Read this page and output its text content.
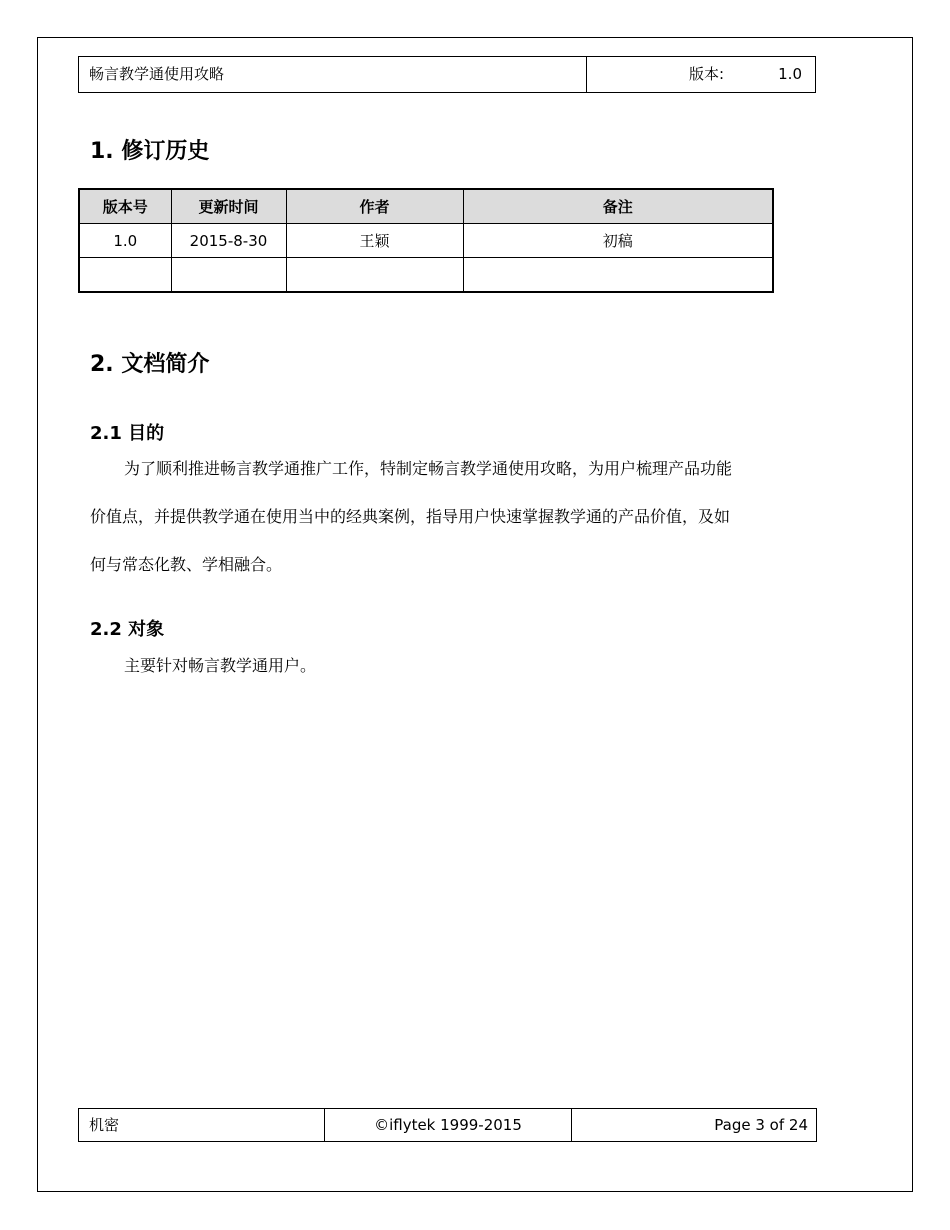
畅言教学通使用攻略	版本:	1.0
1. 修订历史
版本号	更新时间	作者	备注
1.0	2015-8-30	王颖	初稿

2. 文档简介
2.1 目的
为了顺利推进畅言教学通推广工作，特制定畅言教学通使用攻略，为用户梳理产品功能
价值点，并提供教学通在使用当中的经典案例，指导用户快速掌握教学通的产品价值，及如
何与常态化教、学相融合。
2.2 对象
主要针对畅言教学通用户。
机密	©iflytek 1999-2015	Page 3 of 24
